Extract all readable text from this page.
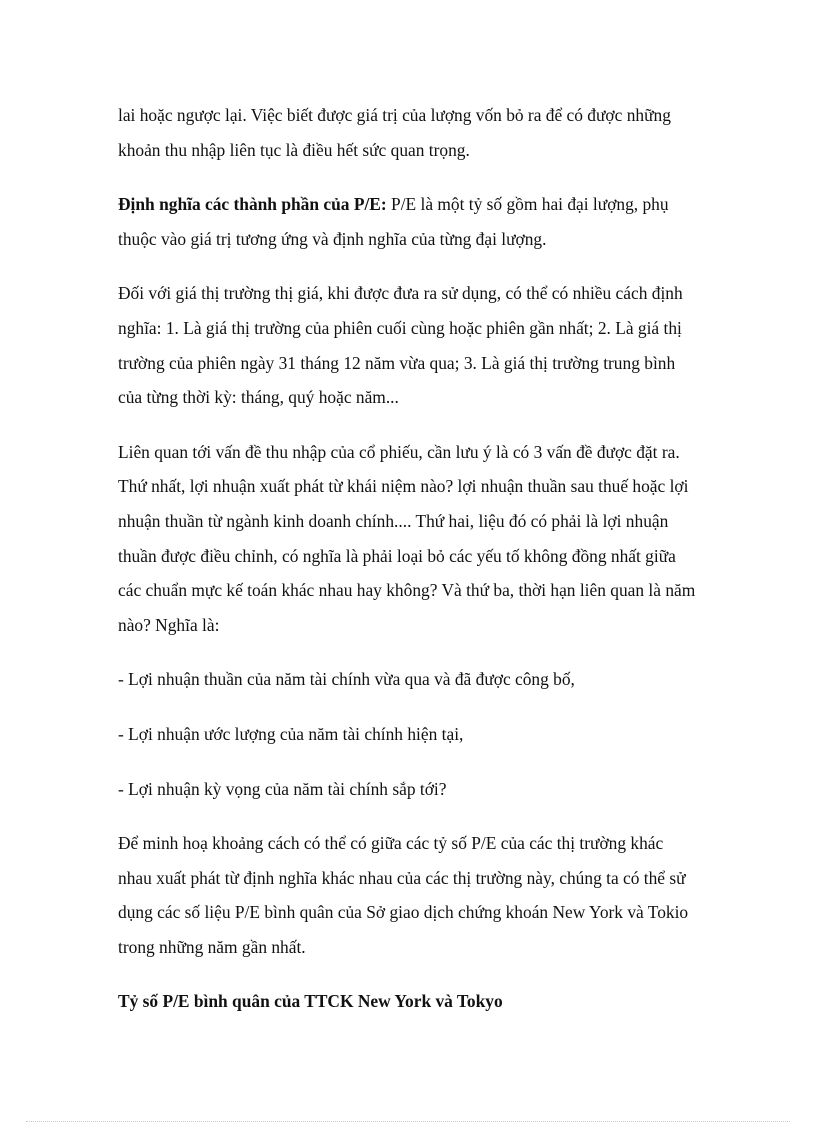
lai hoặc ngược lại. Việc biết được giá trị của lượng vốn bỏ ra để có được những khoản thu nhập liên tục là điều hết sức quan trọng.

Định nghĩa các thành phần của P/E: P/E là một tỷ số gồm hai đại lượng, phụ thuộc vào giá trị tương ứng và định nghĩa của từng đại lượng.

Đối với giá thị trường thị giá, khi được đưa ra sử dụng, có thể có nhiều cách định nghĩa: 1. Là giá thị trường của phiên cuối cùng hoặc phiên gần nhất; 2. Là giá thị trường của phiên ngày 31 tháng 12 năm vừa qua; 3. Là giá thị trường trung bình của từng thời kỳ: tháng, quý hoặc năm...

Liên quan tới vấn đề thu nhập của cổ phiếu, cần lưu ý là có 3 vấn đề được đặt ra. Thứ nhất, lợi nhuận xuất phát từ khái niệm nào? lợi nhuận thuần sau thuế hoặc lợi nhuận thuần từ ngành kinh doanh chính.... Thứ hai, liệu đó có phải là lợi nhuận thuần được điều chỉnh, có nghĩa là phải loại bỏ các yếu tố không đồng nhất giữa các chuẩn mực kế toán khác nhau hay không? Và thứ ba, thời hạn liên quan là năm nào? Nghĩa là:

- Lợi nhuận thuần của năm tài chính vừa qua và đã được công bố,

- Lợi nhuận ước lượng của năm tài chính hiện tại,

- Lợi nhuận kỳ vọng của năm tài chính sắp tới?

Để minh hoạ khoảng cách có thể có giữa các tỷ số P/E của các thị trường khác nhau xuất phát từ định nghĩa khác nhau của các thị trường này, chúng ta có thể sử dụng các số liệu P/E bình quân của Sở giao dịch chứng khoán New York và Tokio trong những năm gần nhất.

Tỷ số P/E bình quân của TTCK New York và Tokyo
